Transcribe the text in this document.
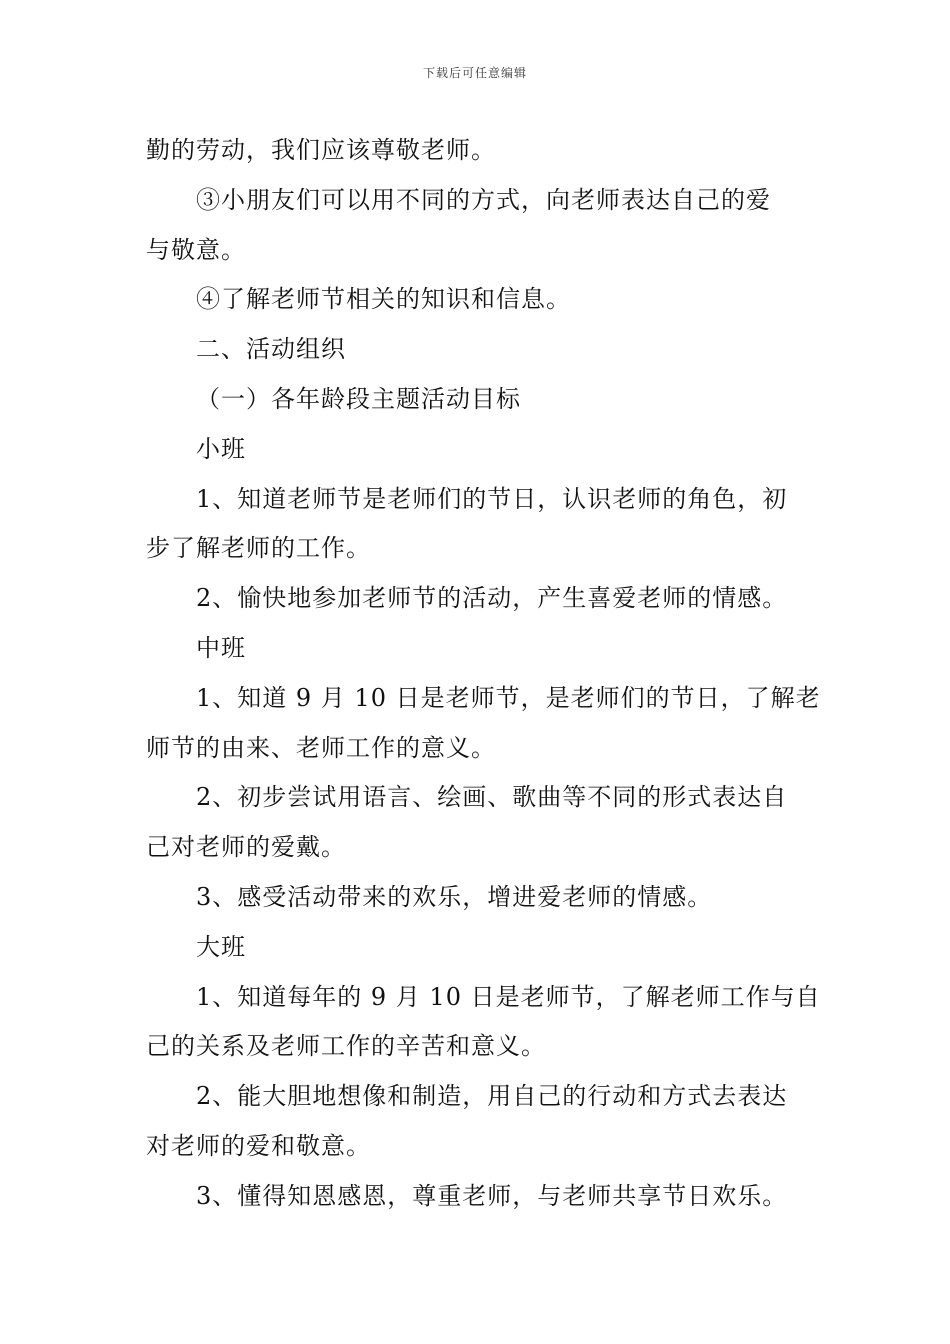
下载后可任意编辑
勤的劳动，我们应该尊敬老师。
③小朋友们可以用不同的方式，向老师表达自己的爱
与敬意。
④了解老师节相关的知识和信息。
二、活动组织
（一）各年龄段主题活动目标
小班
1、知道老师节是老师们的节日，认识老师的角色，初
步了解老师的工作。
2、愉快地参加老师节的活动，产生喜爱老师的情感。
中班
1、知道 9 月 10 日是老师节，是老师们的节日，了解老
师节的由来、老师工作的意义。
2、初步尝试用语言、绘画、歌曲等不同的形式表达自
己对老师的爱戴。
3、感受活动带来的欢乐，增进爱老师的情感。
大班
1、知道每年的 9 月 10 日是老师节，了解老师工作与自
己的关系及老师工作的辛苦和意义。
2、能大胆地想像和制造，用自己的行动和方式去表达
对老师的爱和敬意。
3、懂得知恩感恩，尊重老师，与老师共享节日欢乐。
